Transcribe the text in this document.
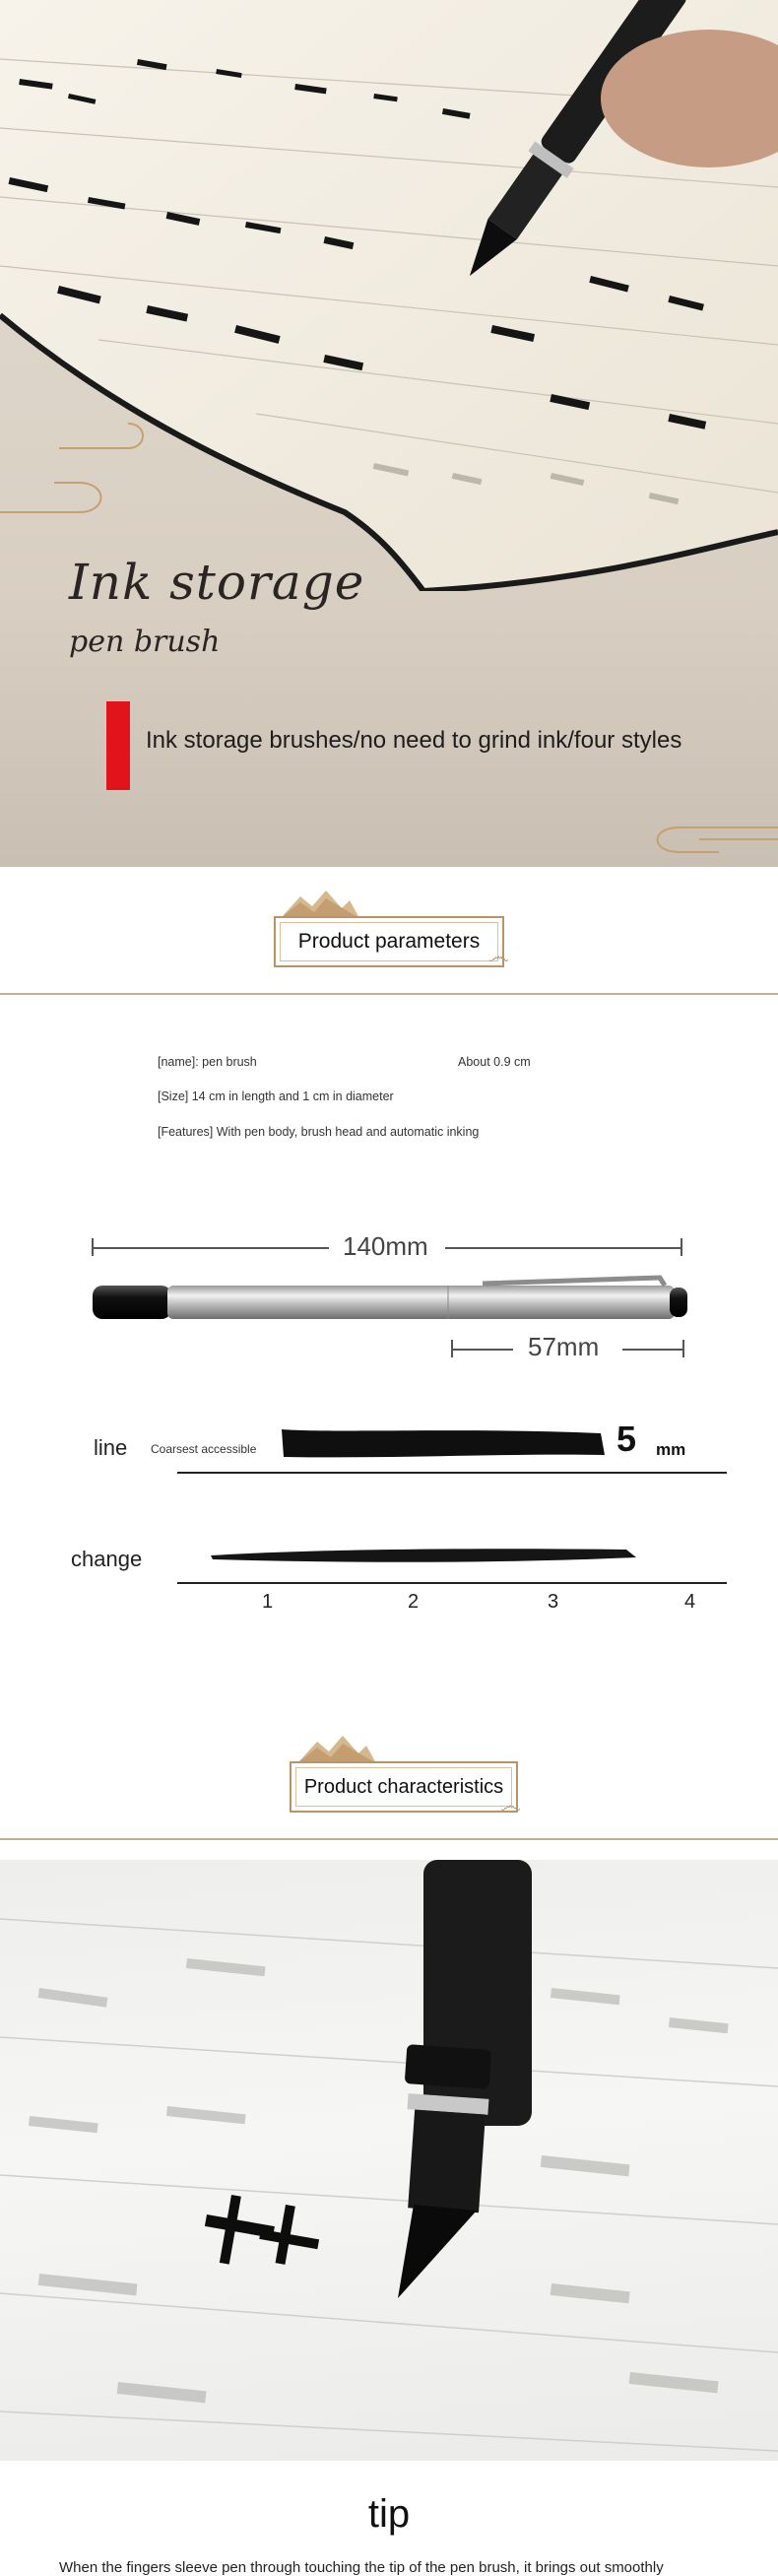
Ink storage
pen brush
Ink storage brushes/no need to grind ink/four styles
Product parameters
෴
[name]: pen brush	About 0.9 cm
[Size] 14 cm in length and 1 cm in diameter
[Features] With pen body, brush head and automatic inking
140mm
57mm
line Coarsest accessible	5 mm
change
1	2	3	4
Product characteristics
෴
tip
When the fingers sleeve pen through touching the tip of the pen brush, it brings out smoothly
